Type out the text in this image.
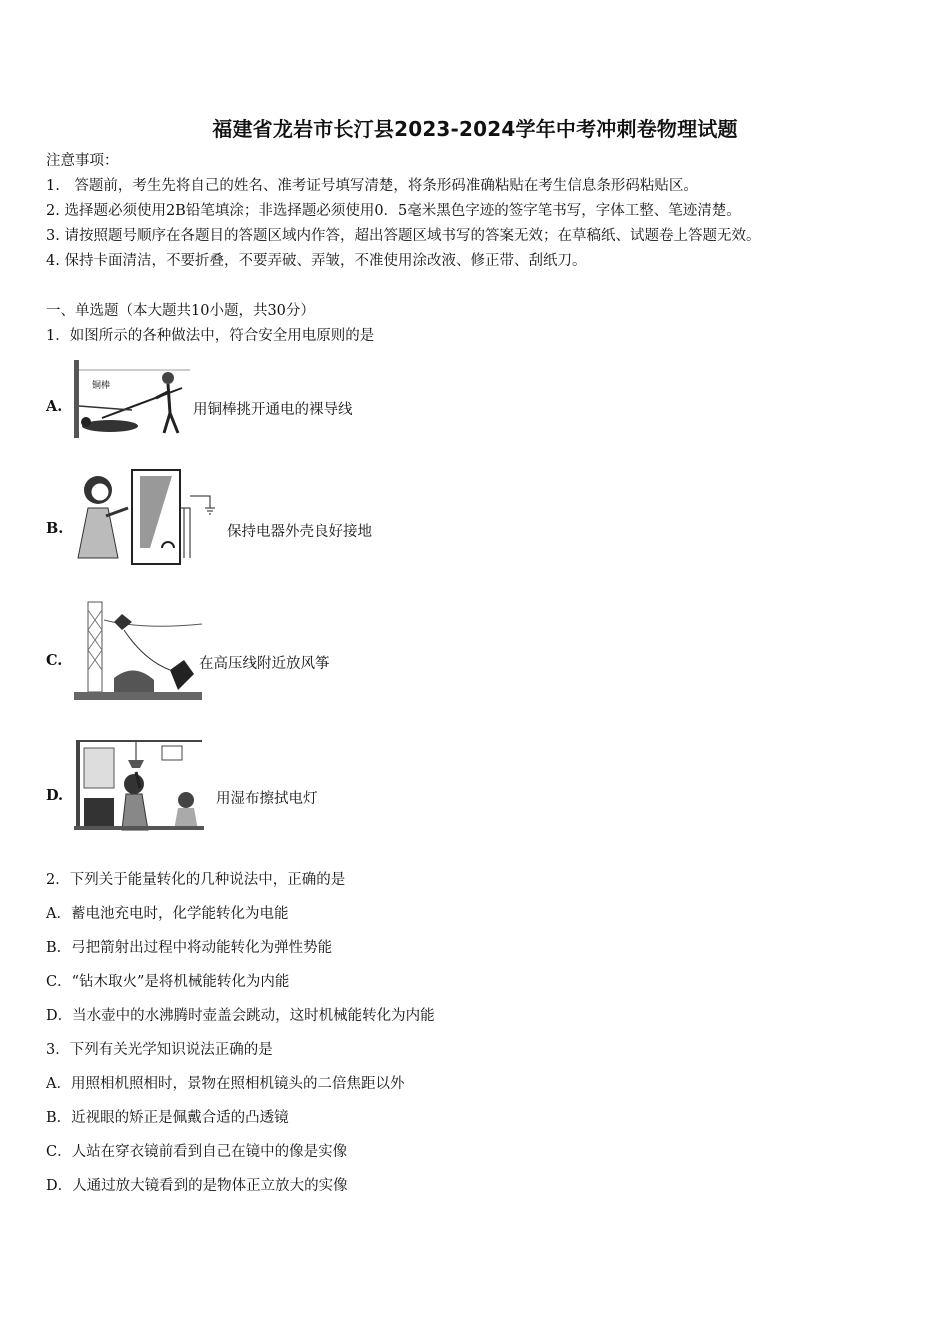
福建省龙岩市长汀县2023-2024学年中考冲刺卷物理试题
注意事项：
1.　答题前，考生先将自己的姓名、准考证号填写清楚，将条形码准确粘贴在考生信息条形码粘贴区。
2. 选择题必须使用2B铅笔填涂；非选择题必须使用0．5毫米黑色字迹的签字笔书写，字体工整、笔迹清楚。
3. 请按照题号顺序在各题目的答题区域内作答，超出答题区域书写的答案无效；在草稿纸、试题卷上答题无效。
4. 保持卡面清洁，不要折叠，不要弄破、弄皱，不准使用涂改液、修正带、刮纸刀。
一、单选题（本大题共10小题，共30分）
1．如图所示的各种做法中，符合安全用电原则的是
A.
铜棒
用铜棒挑开通电的裸导线
B.	保持电器外壳良好接地
C.	在高压线附近放风筝
D.	用湿布擦拭电灯
2．下列关于能量转化的几种说法中，正确的是
A．蓄电池充电时，化学能转化为电能
B．弓把箭射出过程中将动能转化为弹性势能
C．“钻木取火”是将机械能转化为内能
D．当水壶中的水沸腾时壶盖会跳动，这时机械能转化为内能
3．下列有关光学知识说法正确的是
A．用照相机照相时，景物在照相机镜头的二倍焦距以外
B．近视眼的矫正是佩戴合适的凸透镜
C．人站在穿衣镜前看到自己在镜中的像是实像
D．人通过放大镜看到的是物体正立放大的实像
